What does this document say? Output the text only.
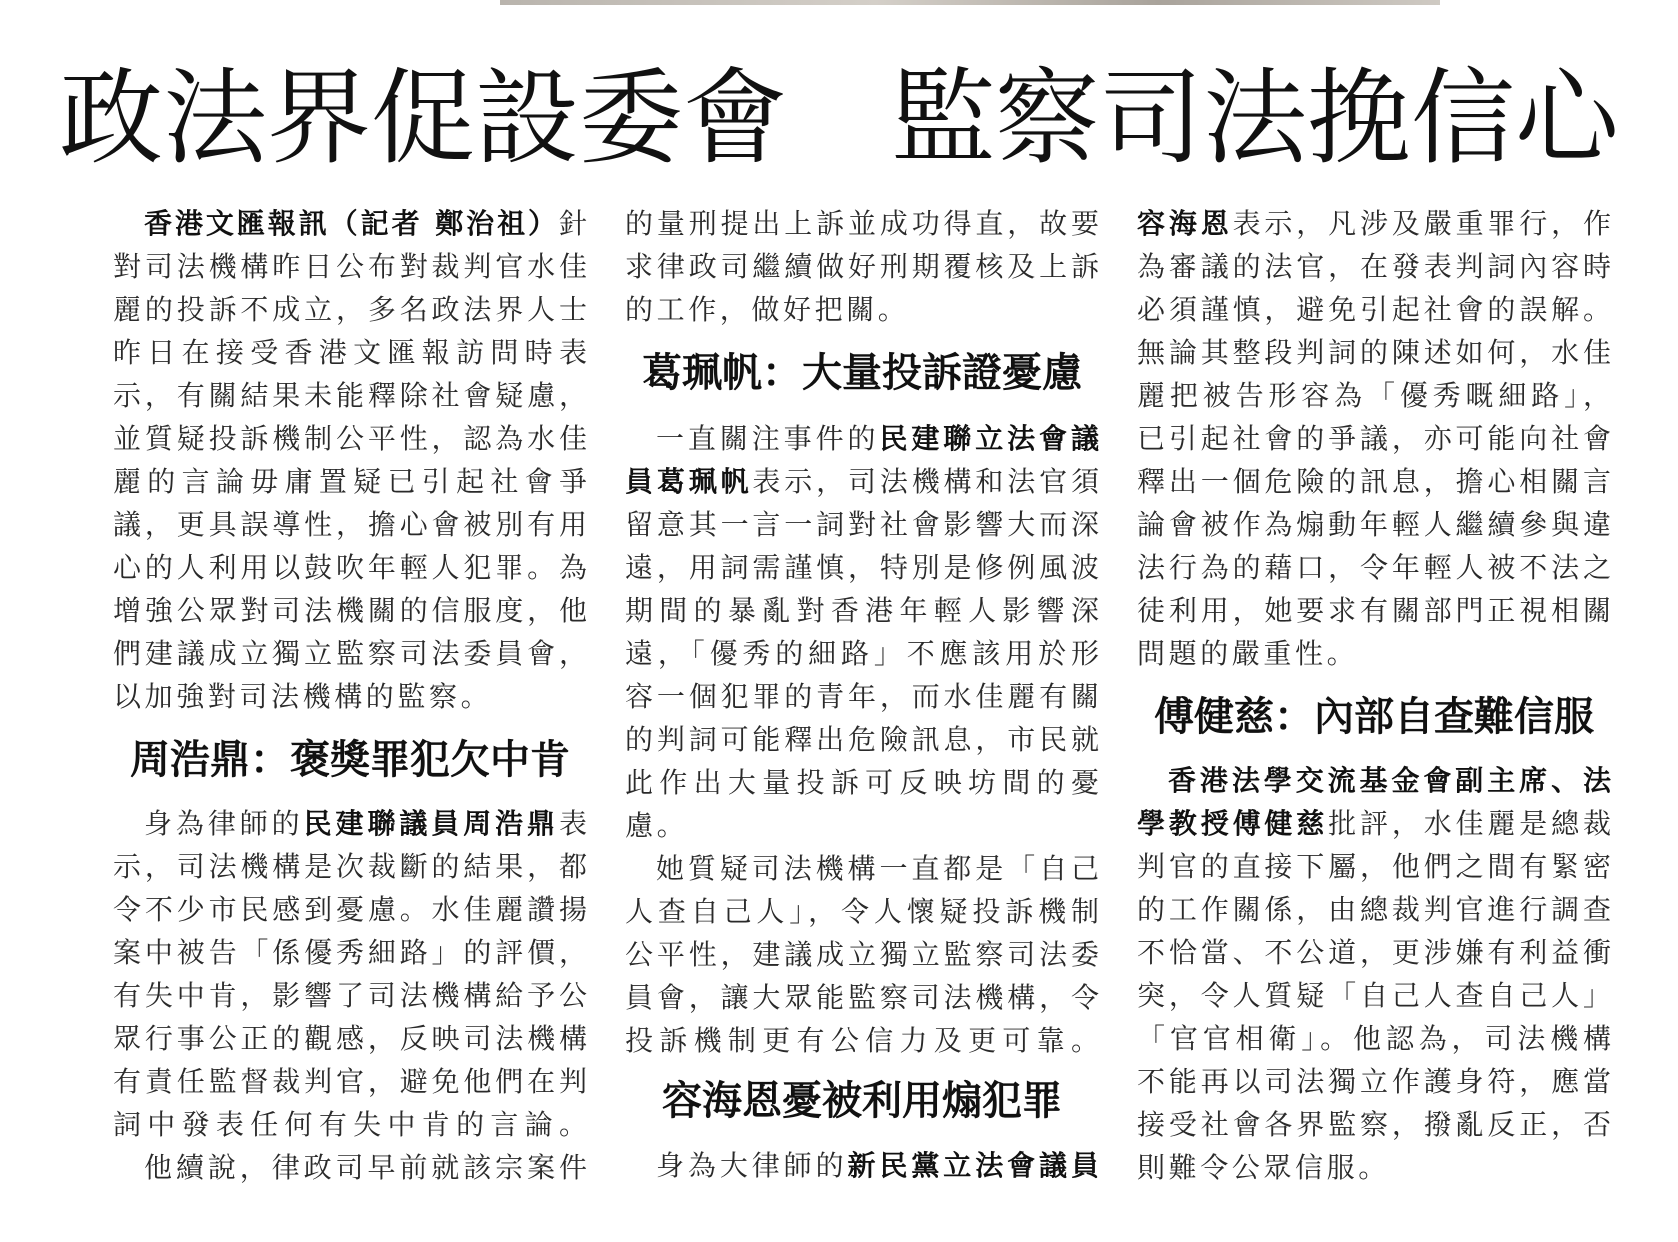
政法界促設委會　監察司法挽信心
香港文匯報訊（記者 鄭治祖）針
對司法機構昨日公布對裁判官水佳
麗的投訴不成立，多名政法界人士
昨日在接受香港文匯報訪問時表
示，有關結果未能釋除社會疑慮，
並質疑投訴機制公平性，認為水佳
麗的言論毋庸置疑已引起社會爭
議，更具誤導性，擔心會被別有用
心的人利用以鼓吹年輕人犯罪。為
增強公眾對司法機關的信服度，他
們建議成立獨立監察司法委員會，
以加強對司法機構的監察。
周浩鼎：褒獎罪犯欠中肯
身為律師的民建聯議員周浩鼎表
示，司法機構是次裁斷的結果，都
令不少市民感到憂慮。水佳麗讚揚
案中被告「係優秀細路」的評價，
有失中肯，影響了司法機構給予公
眾行事公正的觀感，反映司法機構
有責任監督裁判官，避免他們在判
詞中發表任何有失中肯的言論。
他續說，律政司早前就該宗案件
的量刑提出上訴並成功得直，故要
求律政司繼續做好刑期覆核及上訴
的工作，做好把關。
葛珮帆：大量投訴證憂慮
一直關注事件的民建聯立法會議
員葛珮帆表示，司法機構和法官須
留意其一言一詞對社會影響大而深
遠，用詞需謹慎，特別是修例風波
期間的暴亂對香港年輕人影響深
遠，「優秀的細路」不應該用於形
容一個犯罪的青年，而水佳麗有關
的判詞可能釋出危險訊息，市民就
此作出大量投訴可反映坊間的憂
慮。
她質疑司法機構一直都是「自己
人查自己人」，令人懷疑投訴機制
公平性，建議成立獨立監察司法委
員會，讓大眾能監察司法機構，令
投訴機制更有公信力及更可靠。
容海恩憂被利用煽犯罪
身為大律師的新民黨立法會議員
容海恩表示，凡涉及嚴重罪行，作
為審議的法官，在發表判詞內容時
必須謹慎，避免引起社會的誤解。
無論其整段判詞的陳述如何，水佳
麗把被告形容為「優秀嘅細路」，
已引起社會的爭議，亦可能向社會
釋出一個危險的訊息，擔心相關言
論會被作為煽動年輕人繼續參與違
法行為的藉口，令年輕人被不法之
徒利用，她要求有關部門正視相關
問題的嚴重性。
傅健慈：內部自查難信服
香港法學交流基金會副主席、法
學教授傅健慈批評，水佳麗是總裁
判官的直接下屬，他們之間有緊密
的工作關係，由總裁判官進行調查
不恰當、不公道，更涉嫌有利益衝
突，令人質疑「自己人查自己人」
「官官相衛」。他認為，司法機構
不能再以司法獨立作護身符，應當
接受社會各界監察，撥亂反正，否
則難令公眾信服。
